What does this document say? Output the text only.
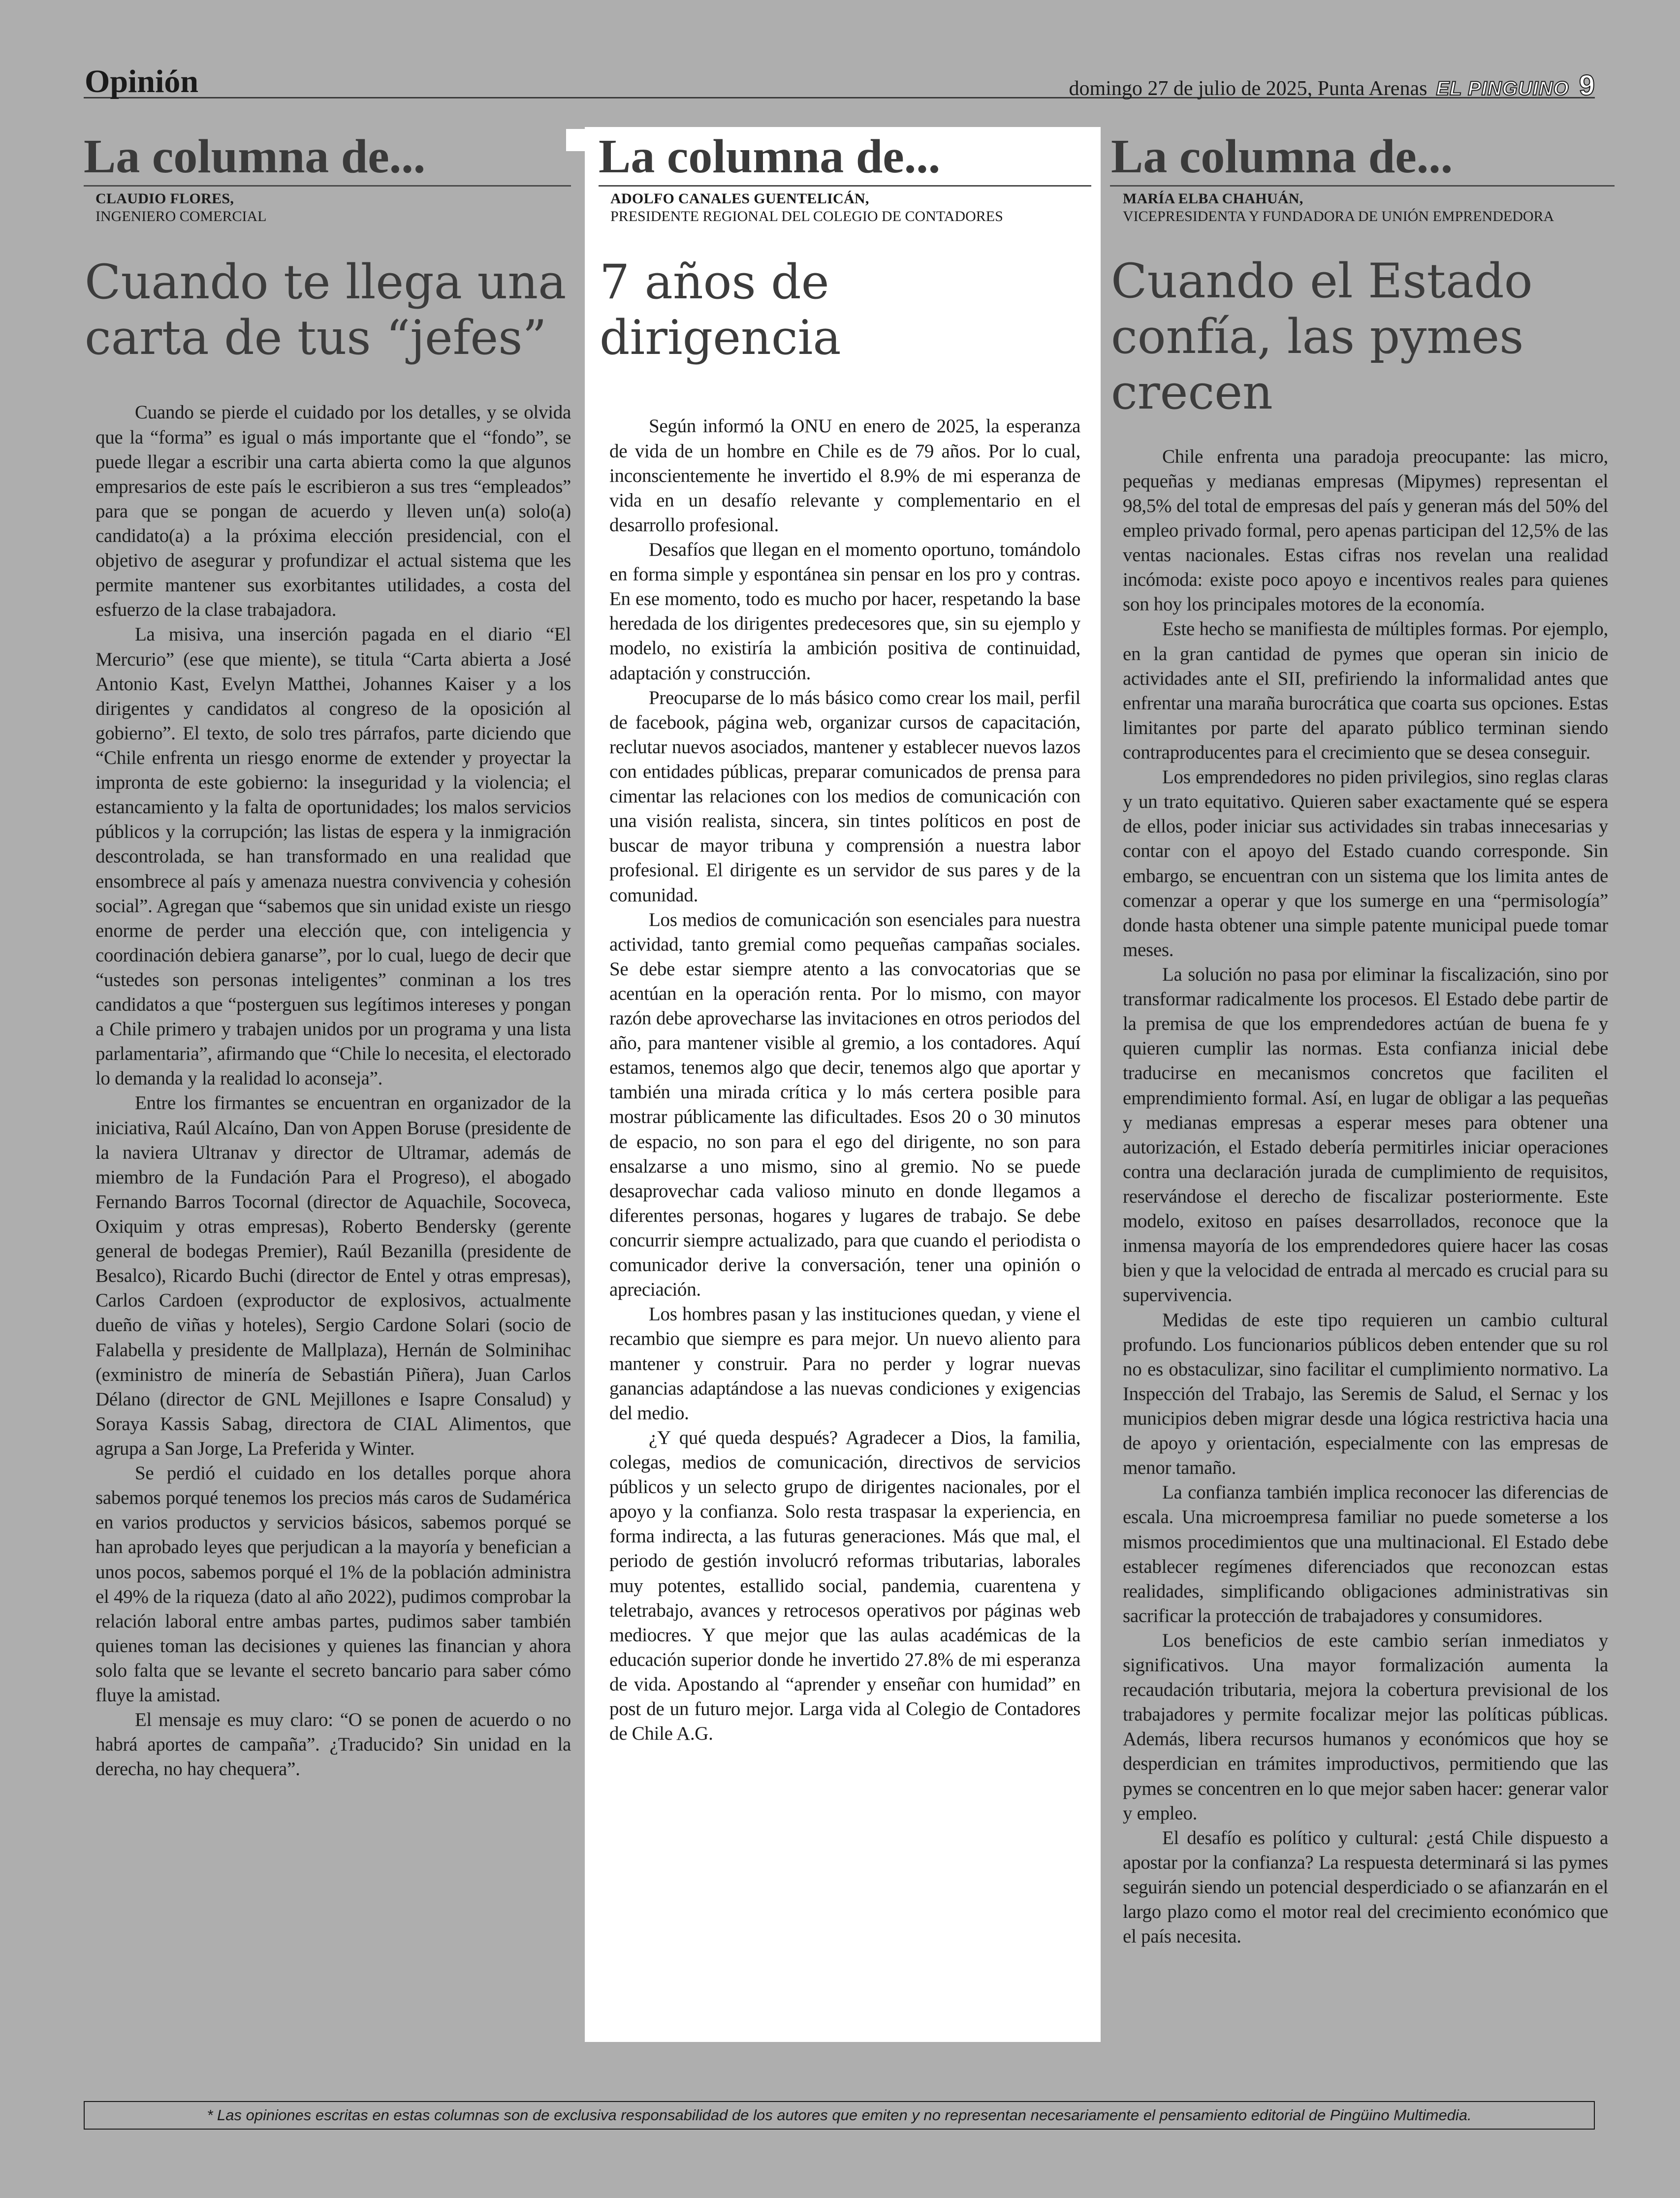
Opinión	domingo 27 de julio de 2025, Punta Arenas EL PINGUINO 9
La columna de...
CLAUDIO FLORES,
INGENIERO COMERCIAL
Cuando te llega una carta de tus “jefes”

Cuando se pierde el cuidado por los detalles, y se olvida que la “forma” es igual o más importante que el “fondo”, se puede llegar a escribir una carta abierta como la que algunos empresarios de este país le escribieron a sus tres “empleados” para que se pongan de acuerdo y lleven un(a) solo(a) candidato(a) a la próxima elección presidencial, con el objetivo de asegurar y profundizar el actual sistema que les permite mantener sus exorbitantes utilidades, a costa del esfuerzo de la clase trabajadora.

La misiva, una inserción pagada en el diario “El Mercurio” (ese que miente), se titula “Carta abierta a José Antonio Kast, Evelyn Matthei, Johannes Kaiser y a los dirigentes y candidatos al congreso de la oposición al gobierno”. El texto, de solo tres párrafos, parte diciendo que “Chile enfrenta un riesgo enorme de extender y proyectar la impronta de este gobierno: la inseguridad y la violencia; el estancamiento y la falta de oportunidades; los malos servicios públicos y la corrupción; las listas de espera y la inmigración descontrolada, se han transformado en una realidad que ensombrece al país y amenaza nuestra convivencia y cohesión social”. Agregan que “sabemos que sin unidad existe un riesgo enorme de perder una elección que, con inteligencia y coordinación debiera ganarse”, por lo cual, luego de decir que “ustedes son personas inteligentes” conminan a los tres candidatos a que “posterguen sus legítimos intereses y pongan a Chile primero y trabajen unidos por un programa y una lista parlamentaria”, afirmando que “Chile lo necesita, el electorado lo demanda y la realidad lo aconseja”.

Entre los firmantes se encuentran en organizador de la iniciativa, Raúl Alcaíno, Dan von Appen Boruse (presidente de la naviera Ultranav y director de Ultramar, además de miembro de la Fundación Para el Progreso), el abogado Fernando Barros Tocornal (director de Aquachile, Socoveca, Oxiquim y otras empresas), Roberto Bendersky (gerente general de bodegas Premier), Raúl Bezanilla (presidente de Besalco), Ricardo Buchi (director de Entel y otras empresas), Carlos Cardoen (exproductor de explosivos, actualmente dueño de viñas y hoteles), Sergio Cardone Solari (socio de Falabella y presidente de Mallplaza), Hernán de Solminihac (exministro de minería de Sebastián Piñera), Juan Carlos Délano (director de GNL Mejillones e Isapre Consalud) y Soraya Kassis Sabag, directora de CIAL Alimentos, que agrupa a San Jorge, La Preferida y Winter.

Se perdió el cuidado en los detalles porque ahora sabemos porqué tenemos los precios más caros de Sudamérica en varios productos y servicios básicos, sabemos porqué se han aprobado leyes que perjudican a la mayoría y benefician a unos pocos, sabemos porqué el 1% de la población administra el 49% de la riqueza (dato al año 2022), pudimos comprobar la relación laboral entre ambas partes, pudimos saber también quienes toman las decisiones y quienes las financian y ahora solo falta que se levante el secreto bancario para saber cómo fluye la amistad.

El mensaje es muy claro: “O se ponen de acuerdo o no habrá aportes de campaña”. ¿Traducido? Sin unidad en la derecha, no hay chequera”.

La columna de...
ADOLFO CANALES GUENTELICÁN,
PRESIDENTE REGIONAL DEL COLEGIO DE CONTADORES
7 años de dirigencia

Según informó la ONU en enero de 2025, la esperanza de vida de un hombre en Chile es de 79 años. Por lo cual, inconscientemente he invertido el 8.9% de mi esperanza de vida en un desafío relevante y complementario en el desarrollo profesional.

Desafíos que llegan en el momento oportuno, tomándolo en forma simple y espontánea sin pensar en los pro y contras. En ese momento, todo es mucho por hacer, respetando la base heredada de los dirigentes predecesores que, sin su ejemplo y modelo, no existiría la ambición positiva de continuidad, adaptación y construcción.

Preocuparse de lo más básico como crear los mail, perfil de facebook, página web, organizar cursos de capacitación, reclutar nuevos asociados, mantener y establecer nuevos lazos con entidades públicas, preparar comunicados de prensa para cimentar las relaciones con los medios de comunicación con una visión realista, sincera, sin tintes políticos en post de buscar de mayor tribuna y comprensión a nuestra labor profesional. El dirigente es un servidor de sus pares y de la comunidad.

Los medios de comunicación son esenciales para nuestra actividad, tanto gremial como pequeñas campañas sociales. Se debe estar siempre atento a las convocatorias que se acentúan en la operación renta. Por lo mismo, con mayor razón debe aprovecharse las invitaciones en otros periodos del año, para mantener visible al gremio, a los contadores. Aquí estamos, tenemos algo que decir, tenemos algo que aportar y también una mirada crítica y lo más certera posible para mostrar públicamente las dificultades. Esos 20 o 30 minutos de espacio, no son para el ego del dirigente, no son para ensalzarse a uno mismo, sino al gremio. No se puede desaprovechar cada valioso minuto en donde llegamos a diferentes personas, hogares y lugares de trabajo. Se debe concurrir siempre actualizado, para que cuando el periodista o comunicador derive la conversación, tener una opinión o apreciación.

Los hombres pasan y las instituciones quedan, y viene el recambio que siempre es para mejor. Un nuevo aliento para mantener y construir. Para no perder y lograr nuevas ganancias adaptándose a las nuevas condiciones y exigencias del medio.

¿Y qué queda después? Agradecer a Dios, la familia, colegas, medios de comunicación, directivos de servicios públicos y un selecto grupo de dirigentes nacionales, por el apoyo y la confianza. Solo resta traspasar la experiencia, en forma indirecta, a las futuras generaciones. Más que mal, el periodo de gestión involucró reformas tributarias, laborales muy potentes, estallido social, pandemia, cuarentena y teletrabajo, avances y retrocesos operativos por páginas web mediocres. Y que mejor que las aulas académicas de la educación superior donde he invertido 27.8% de mi esperanza de vida. Apostando al “aprender y enseñar con humidad” en post de un futuro mejor. Larga vida al Colegio de Contadores de Chile A.G.

La columna de...
MARÍA ELBA CHAHUÁN,
VICEPRESIDENTA Y FUNDADORA DE UNIÓN EMPRENDEDORA
Cuando el Estado confía, las pymes crecen

Chile enfrenta una paradoja preocupante: las micro, pequeñas y medianas empresas (Mipymes) representan el 98,5% del total de empresas del país y generan más del 50% del empleo privado formal, pero apenas participan del 12,5% de las ventas nacionales. Estas cifras nos revelan una realidad incómoda: existe poco apoyo e incentivos reales para quienes son hoy los principales motores de la economía.

Este hecho se manifiesta de múltiples formas. Por ejemplo, en la gran cantidad de pymes que operan sin inicio de actividades ante el SII, prefiriendo la informalidad antes que enfrentar una maraña burocrática que coarta sus opciones. Estas limitantes por parte del aparato público terminan siendo contraproducentes para el crecimiento que se desea conseguir.

Los emprendedores no piden privilegios, sino reglas claras y un trato equitativo. Quieren saber exactamente qué se espera de ellos, poder iniciar sus actividades sin trabas innecesarias y contar con el apoyo del Estado cuando corresponde. Sin embargo, se encuentran con un sistema que los limita antes de comenzar a operar y que los sumerge en una “permisología” donde hasta obtener una simple patente municipal puede tomar meses.

La solución no pasa por eliminar la fiscalización, sino por transformar radicalmente los procesos. El Estado debe partir de la premisa de que los emprendedores actúan de buena fe y quieren cumplir las normas. Esta confianza inicial debe traducirse en mecanismos concretos que faciliten el emprendimiento formal. Así, en lugar de obligar a las pequeñas y medianas empresas a esperar meses para obtener una autorización, el Estado debería permitirles iniciar operaciones contra una declaración jurada de cumplimiento de requisitos, reservándose el derecho de fiscalizar posteriormente. Este modelo, exitoso en países desarrollados, reconoce que la inmensa mayoría de los emprendedores quiere hacer las cosas bien y que la velocidad de entrada al mercado es crucial para su supervivencia.

Medidas de este tipo requieren un cambio cultural profundo. Los funcionarios públicos deben entender que su rol no es obstaculizar, sino facilitar el cumplimiento normativo. La Inspección del Trabajo, las Seremis de Salud, el Sernac y los municipios deben migrar desde una lógica restrictiva hacia una de apoyo y orientación, especialmente con las empresas de menor tamaño.

La confianza también implica reconocer las diferencias de escala. Una microempresa familiar no puede someterse a los mismos procedimientos que una multinacional. El Estado debe establecer regímenes diferenciados que reconozcan estas realidades, simplificando obligaciones administrativas sin sacrificar la protección de trabajadores y consumidores.

Los beneficios de este cambio serían inmediatos y significativos. Una mayor formalización aumenta la recaudación tributaria, mejora la cobertura previsional de los trabajadores y permite focalizar mejor las políticas públicas. Además, libera recursos humanos y económicos que hoy se desperdician en trámites improductivos, permitiendo que las pymes se concentren en lo que mejor saben hacer: generar valor y empleo.

El desafío es político y cultural: ¿está Chile dispuesto a apostar por la confianza? La respuesta determinará si las pymes seguirán siendo un potencial desperdiciado o se afianzarán en el largo plazo como el motor real del crecimiento económico que el país necesita.

* Las opiniones escritas en estas columnas son de exclusiva responsabilidad de los autores que emiten y no representan necesariamente el pensamiento editorial de Pingüino Multimedia.
